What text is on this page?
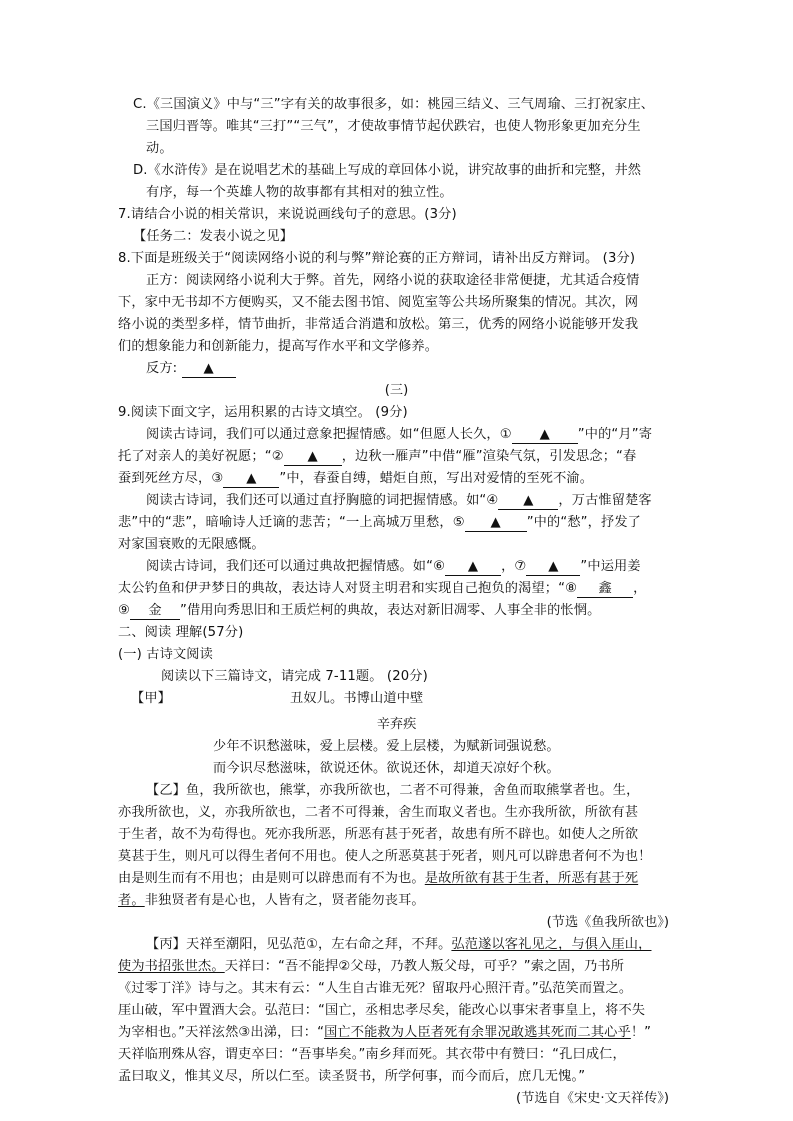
C.《三国演义》中与“三”字有关的故事很多，如：桃园三结义、三气周瑜、三打祝家庄、
三国归晋等。唯其“三打”“三气”，才使故事情节起伏跌宕，也使人物形象更加充分生
动。
D.《水浒传》是在说唱艺术的基础上写成的章回体小说，讲究故事的曲折和完整，井然
有序，每一个英雄人物的故事都有其相对的独立性。
7.请结合小说的相关常识，来说说画线句子的意思。(3分)
【任务二：发表小说之见】
8.下面是班级关于“阅读网络小说的利与弊”辩论赛的正方辩词，请补出反方辩词。 (3分)
正方：阅读网络小说利大于弊。首先，网络小说的获取途径非常便捷，尤其适合疫情
下，家中无书却不方便购买，又不能去图书馆、阅览室等公共场所聚集的情况。其次，网
络小说的类型多样，情节曲折，非常适合消遣和放松。第三，优秀的网络小说能够开发我
们的想象能力和创新能力，提高写作水平和文学修养。
反方: ▲
(三)
9.阅读下面文字，运用积累的古诗文填空。 (9分)
阅读古诗词，我们可以通过意象把握情感。如“但愿人长久，① ▲ ”中的“月”寄
托了对亲人的美好祝愿；“② ▲ ，边秋一雁声”中借“雁”渲染气氛，引发思念；“春
蚕到死丝方尽，③ ▲ ”中，春蚕自缚，蜡炬自煎，写出对爱情的至死不渝。
阅读古诗词，我们还可以通过直抒胸臆的词把握情感。如“④ ▲ ，万古惟留楚客
悲”中的“悲”，暗喻诗人迁谪的悲苦；“一上高城万里愁，⑤ ▲ ”中的“愁”，抒发了
对家国衰败的无限感慨。
阅读古诗词，我们还可以通过典故把握情感。如“⑥ ▲ ，⑦ ▲ ”中运用姜
太公钓鱼和伊尹梦日的典故，表达诗人对贤主明君和实现自己抱负的渴望；“⑧ 鑫 ，
⑨ 金 ”借用向秀思旧和王质烂柯的典故，表达对新旧凋零、人事全非的怅惘。
二、阅读 理解(57分)
(一) 古诗文阅读
阅读以下三篇诗文，请完成 7-11题。 (20分)
【甲】	丑奴儿。书博山道中壁
辛弃疾
少年不识愁滋味，爱上层楼。爱上层楼，为赋新词强说愁。
而今识尽愁滋味，欲说还休。欲说还休，却道天凉好个秋。
【乙】鱼，我所欲也，熊掌，亦我所欲也，二者不可得兼，舍鱼而取熊掌者也。生，
亦我所欲也，义，亦我所欲也，二者不可得兼，舍生而取义者也。生亦我所欲，所欲有甚
于生者，故不为苟得也。死亦我所恶，所恶有甚于死者，故患有所不辟也。如使人之所欲
莫甚于生，则凡可以得生者何不用也。使人之所恶莫甚于死者，则凡可以辟患者何不为也！
由是则生而有不用也；由是则可以辟患而有不为也。是故所欲有甚于生者，所恶有甚于死
者。非独贤者有是心也，人皆有之，贤者能勿丧耳。
(节选《鱼我所欲也》)
【丙】天祥至潮阳，见弘范①，左右命之拜，不拜。弘范遂以客礼见之，与俱入厓山，
使为书招张世杰。天祥曰：“吾不能捍②父母，乃教人叛父母，可乎？”索之固，乃书所
《过零丁洋》诗与之。其末有云：“人生自古谁无死？留取丹心照汗青。”弘范笑而置之。
厓山破，军中置酒大会。弘范曰：“国亡，丞相忠孝尽矣，能改心以事宋者事皇上，将不失
为宰相也。”天祥泫然③出涕，曰：“国亡不能救为人臣者死有余罪况敢逃其死而二其心乎！”
天祥临刑殊从容，谓吏卒曰：“吾事毕矣。”南乡拜而死。其衣带中有赞曰：“孔曰成仁，
孟曰取义，惟其义尽，所以仁至。读圣贤书，所学何事，而今而后，庶几无愧。”
(节选自《宋史·文天祥传》)
